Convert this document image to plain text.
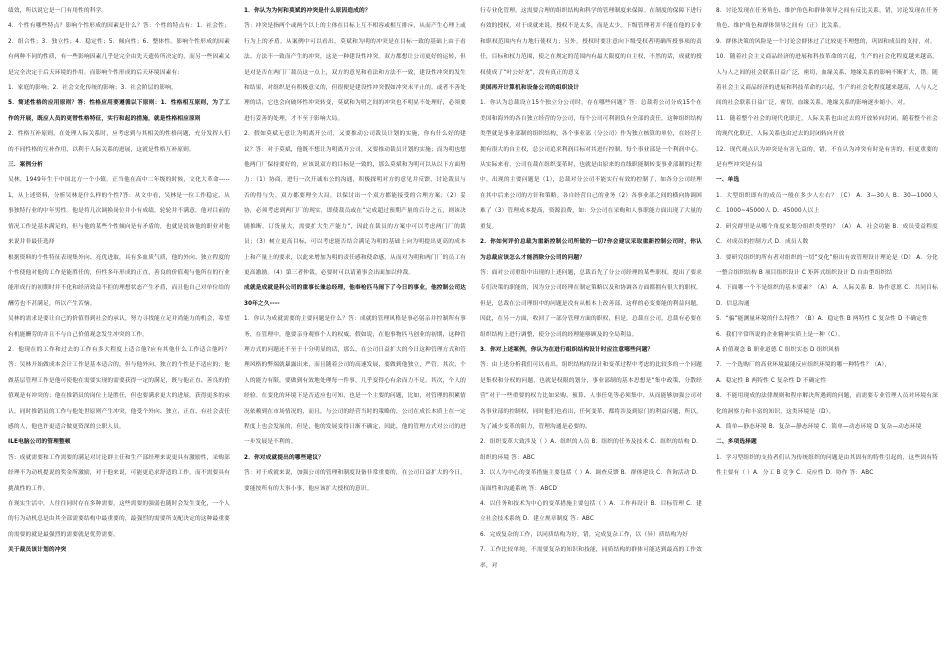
绩效，所以说它是一门有用性的科学。

4．个性有哪些特点？影响个性形成的因素是什么？答：个性的特点有：1．社会性；2．组合性；3．独立性；4．稳定性；5．倾向性；6．整体性。影响个性形成的因素有两种不同的性质，有一些影响因素几乎是完全由先天遗传所决定的，而另一些因素又是完全决定于后天环境的作用。而影响个性形成的后天环境因素有：

1．家庭的影响；2．社会文化传统的影响；3．社会阶层的影响。

5．简述性格的应用原则？答：性格应用要遵循以下原则：1．性格相互原则，为了工作的开展，既应人员的更替性格特征，实行和起的措施，就是性格相应原则

2．性格互补原则，在处理人际关系时，应考虑到与其相关的性格问题，充分发挥人们的不同性格的互补作用，以利于人际关系的进展，这就是性格互补原则。

三．案例分析

吴林，1949年生于中国北方一个小镇。正当他在高中二年级的时候，文化大革命-----1，从上述资料，分析吴林是什么样的个性?答：从文中看，吴林是一位工作稳定、从事独特行业的中年男性。他是将几次调换岗位并小有成绩。轮轮并不满意，他对目前的情况工作是基本满足的，但与他的某些个性倾向是有矛盾的，也就是说该他的职业对他来说并非最佳选择

根据资料的个性特征表现集外向、亮优进取，具有多血质气质，他的外向、独立程度的个性使他对他的工作是能胜任的，但性多年形成的正直，善良的价值观与他所在的行业能形成行的初期时并不化和经济效益不拒的理想状态产生矛盾，而且他自己对单位给的酬劳也不甚满足，所以产生苦恼。

吴林的需求是要让自己的价值得到社会的承认，努力寻找能立足并尚能力的机会，希望有机能酬劳的并且不与自己价值观念发生冲突的工作。

2．他现在的工作和过去的工作有多大程度上适合他?应有其他什么工作适合他吗？答：吴林开始做成本会计工作是基本适合的，但与他外向、独立的个性是不适应的；他做基层管理工作是他可使他在需要实现的需要获得一定的满足，既与他正直、善良的价值观是有冲突的；他在推销员的岗位上是胜任，但也要满求更大的进展，获得更多的承认。同时推销员的工作与他处世原则产生冲突，他受个外向、独立、正直、有社会责任感的人，他也许更适合做更资深的公职人员。

ILE电脑公司的管理整顿

答：成就需要和工作需要的满足对讨论群主任和生产部经理来说更具有激励性，采购部经理不为动机提说的奖金所激励，对于他来说，可能更追求舒适的工作，而不需要具有挑战性的工作。

在现实生活中，人往往同时存在多种需要，这些需要的强弱也随时会发生变化，一个人的行为动机总是由其全部需要结构中最重要的，最强烈的需要所支配决定的这种最重要的需要的就是最强烈的需要就是优势需要。

关于裁员该计划的冲突

1．你认为为何和莫斌的冲突是什么原因造成的？

答：冲突是指两个或两个以上的主体在目标上互不相容或相互排斥，从而产生心理上或行为上的矛盾。从案例中可以看出，莫斌和为明的冲突是在目标一致的基础上由于看法、方法不一致而产生的冲突，这是一种建设性冲突。双方都想让公司更好的运转，但是对是否在两门厂裁员这一点上，双方的意见和看法和方法不一致，建设性冲突的发生和结果，对组织是有积极意义的，但很便是建设性冲突假如冲突未平止的。或者不善处理的话，它也会向破坏性冲突转变，莫斌和为明之间的冲突也不明显不处理好，必须要进行妥善的处理，才不至于影响大局。

2．假如莫斌无意让为明离开公司，又要推动公司裁员计划的实施，你有什么好的建议？答：对于莫斌，他既不想让为明离开公司，又要推动裁员计划的实施；而为明也想他两门厂保持要好的，应该说双方的目标是一致的，那么莫斌和为明可以从以下方面努力：（1）协商，进行一次开诚布公的沟通，积极探明对方的意见并反馈，讨论裁员与否的得与失。双方都要理全大局，以保讨出一个双方都能接受的合理方案；（2）妥协，必须考虑到两门厂的现实，即使裁员或在“完成超过预期产量的百分之五，则该决剧推断。订货量大，需要扩大生产能力”，因此在裁员的方案中可以考虑两门厂的裁员；（3）树立更高目标，可以考虑能否结合满足为明的基础上向为明提出更高的成本上和产量上的要求，以此来增加为明的责任感和使命感，从而对为明和两门厂的员工有更高激励。（4）第三者仲裁，必要时可以请董事会出面加以仲裁。

成就是成就是科公司的重事长兼总经理，他奉枪匹马闹下了今日的事业，他控制公司达30年之久----

1．你认为成就需要的主要问题是什么？答：成就的管理风格是事必躬亲并控制所有事务，在管理中，他要亲身观察个人的权威，假如说，在他事物匹马创业的初期，这种管理方式的问题还不至于十分明显的话，那么，在公司日益扩大的今日这种管理方式和管理风格的弊端就暴露出来，而且随着公司的高速发展，要做到他独立，严管。其次，个人的能力有限，要做到有效地处理每一件事，几乎变得心有余而力不足。其次，个人的经验。在变化的环境下是否适应也可知，也是一个主要的问题，比如，对管理的积累情况依赖到在市场情况的，而且，与公司的经营当时的策略的，公司在成长本质上在一定程度上也会发展的，但是，他的发展变得日渐不确定，因此，他的管理方式对公司的进一步发展是不利的。

2．你对成就提出的哪些建议？

答：对于成就来说，加强公司的管理和制度设备非常重要的，在公司日益扩大的今日，要能按所有的大事小事，他应该扩大授权的意识。

行专业化管理。这需要合理的组织结构和科学的管理制度来保障。在制度的保障下进行有效的授权，对于成就来说，授权不是太多，而是太少。下级管理者并不能在他的专业和职权范围内有力地行使权力；另外，授权时要注意向下级受权者明确所授事项的责任，目标和权力范围，使之在规定的范围内有最大限度的自主权，不然的话，成就的授权使成了“叶公好龙”，没有真正的意义

美国再开计算机和设备公司的组织设计

1．你认为总裁设立15个独立分公司时，存在哪些问题？答：总裁将公司分成15个在美国和海外的各自独立经营的分公司，每个公司可利润负有全部的责任，这种组织结构类型就是事业部制的组织结构，各个事业部（分公司）作为独立核算的单位，在经营上拥有很大的自主权，总公司追求利润目标对其进行控制，每个事业部是一个利润中心。从实际来看，公司在裁在组织变革时，也就是由原来的直线职能制转变事业部制的过程中，出现的主要问题是（1），总裁对分公司不能实行有效的控制了，如各分公司经理在其中后来公司的方针和策略。各自经营自己的业务（2）各事业部之间的横向协调困难了（3）管理成本提高，资源浪费，如：分公司在采购和人事职能方面出现了大量的重复。

2．你如何评价总裁为重新控制公司所做的一切?你会建议采取重新控制公司时，你认为总裁应该怎么才能消除分公司的问题？

答：面对公司重组中出现的上述问题，总裁首先了分公司经理的某些职权，提出了要求专们决策的职能的，因为分公司经理在制定策略以及和协调各方面都拥有很大的职权。但是，总裁在公司理组中的问题是没有从根本上改善部，这样的必变要能的利益问题，因此，在另一方面，收回了一部分管理方面的职权，但是，总裁在公司，总裁有必要在组织结构上进行调整，使分公司的经理能够顾及的全局利益。

3．你对上述案例，你认为在进行组织结构设计时应注意哪些问题？

答：由上述分析我们可以看出，组织结构的设计和变革过程中考虑的比较多的一个问题是集权和分权的问题，也就是权限的划分，事业部制的基本思想是“集中政策，分散经营”对于一些重要的权力比如采购、预算、人事任免等必须集中，从而能够加强公司对各事业部的控制权，同时他们也看出，任何变革，都将涉及到原门的利益问题，所以，为了减少变革的阻力，管理沟通是必要的。

2．组织变革大致涉及（ ）A．组织的人员 B．组织的任务及技术 C．组织的结构 D．组织的环境 答：ABC

3．以人为中心的变革措施主要包括（ ）A．调查反馈 B．群体建设 C．咨询活动 D．而面性和沟通系统 答：ABCD

4．以任务和技术为中心的变革措施主要包括（ ）A．工作再设计 B．目标管理 C．建立社会技术系统 D．建立规章制度 答：ABC

6．完成复杂的工作，以同质结构为好，错，完成复杂工作，以（异）质结构为好

7．工作比较单纯，不需要复杂的知识和技能，同质结构的群体可能达到最高的工作效率，对

8．讨论发现在任务角色、维护角色和群体领导之间有反比关系，错，讨论发现在任务角色、维护角色和群体领导之间有（正）比关系。

9．群体决策的风险是一个讨论会群体过了比较更不理想的，巩固和成员的支持，对。

10．随着社会主义商品经济的进展和科技革命的兴起，生产的社会化程度越来越高，人与人之间的社会联系日益广泛，密切，血缘关系、地缘关系的影响不断扩大，错。随着社会主义商品经济的进展和科技革命的兴起，生产的社会化程度越来越高，人与人之间的社会联系日益广泛，密切，血缘关系，地缘关系的影响逐步缩小，对。

11．随着整个社会的现代化联迁，人际关系也由过去的开放转向封闭，随着整个社会的现代化联迁，人际关系也由过去的封闭转向开放

12．现代观点认为冲突是有害无益的，错，不在认为冲突有时是有害的，但更重要的是有些冲突是有益

一、单选

1．大型组织即有的成员一般在多少人左右？（C） A．3—30人 B．30—1000人 C．1000~45000人 D．45000人以上

2．研究群里是从哪个角度来划分组织类型的？（A） A．社会功能 B．成员受益程度 C．对成员的控制方式 D．成员人数

3．要研究组织的所有者对组织的一切“变化”俯出有效管理设计理论是（D） A．分化一整合组织结构 B 项目组织设计 C 矩阵式组织设计 D 自由型组织结

4．下面哪一个不是组织的基本要素？（A） A．人际关系 B．协作意愿 C．共同目标 D．信息沟通

5．“骗”能测量环境的什么特性？（B）A．稳定性 B 两特性 C 复杂性 D 不确定性

6．我们平常所说的企业精神实质上是一种（C）。

A 价值观念 B 职业道德 C 组织实态 D 组织风格

7．一个选购厂的高业环境最能反应组织环境的哪一种特性？（A），

A．稳定性 B 两特性 C 复杂性 D 不确定性

8．不能用现成的法律规则和程序解决所遇到的问题，而需要专业管理人员对环境有深化的洞察力和丰富的知识，这类环境是（D）。

A．简单—静态环境 B．复杂—静态环境 C．简单—动态环境 D 复杂—动态环境

二、多项选择题

1．学习型组织的支持者们认为传统组织的问题是由其固有的特性引起的，这些固有特性主要有（ ）A．分工 B 竞争 C．反应性 D．协作 答：ABC
